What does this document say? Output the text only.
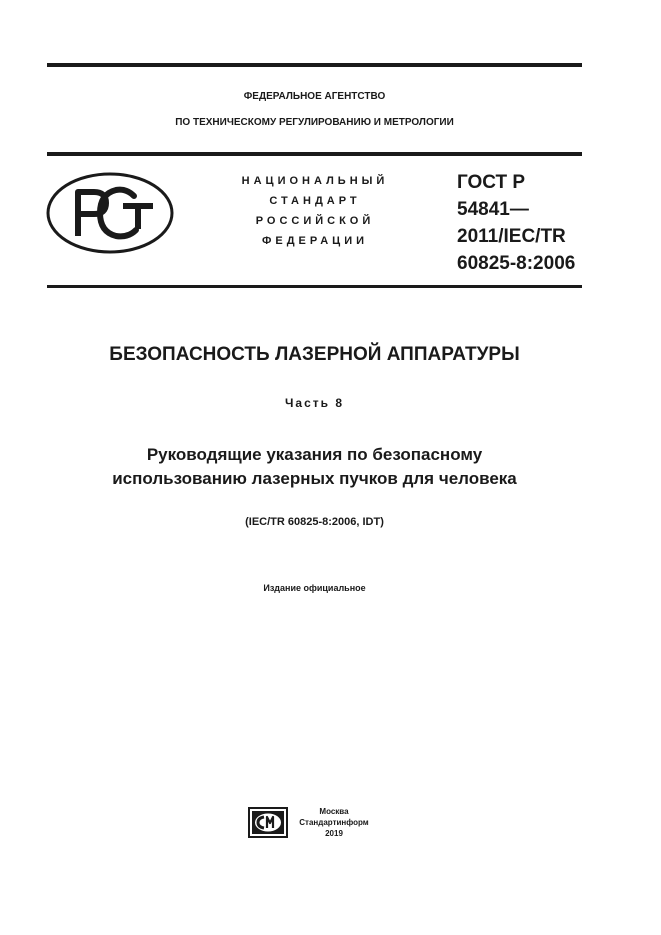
ФЕДЕРАЛЬНОЕ АГЕНТСТВО
ПО ТЕХНИЧЕСКОМУ РЕГУЛИРОВАНИЮ И МЕТРОЛОГИИ
НАЦИОНАЛЬНЫЙ
СТАНДАРТ
РОССИЙСКОЙ
ФЕДЕРАЦИИ
ГОСТ Р
54841—
2011/IEC/TR
60825-8:2006
БЕЗОПАСНОСТЬ ЛАЗЕРНОЙ АППАРАТУРЫ
Часть 8
Руководящие указания по безопасному
использованию лазерных пучков для человека
(IEC/TR 60825-8:2006, IDT)
Издание официальное
Москва
Стандартинформ
2019
